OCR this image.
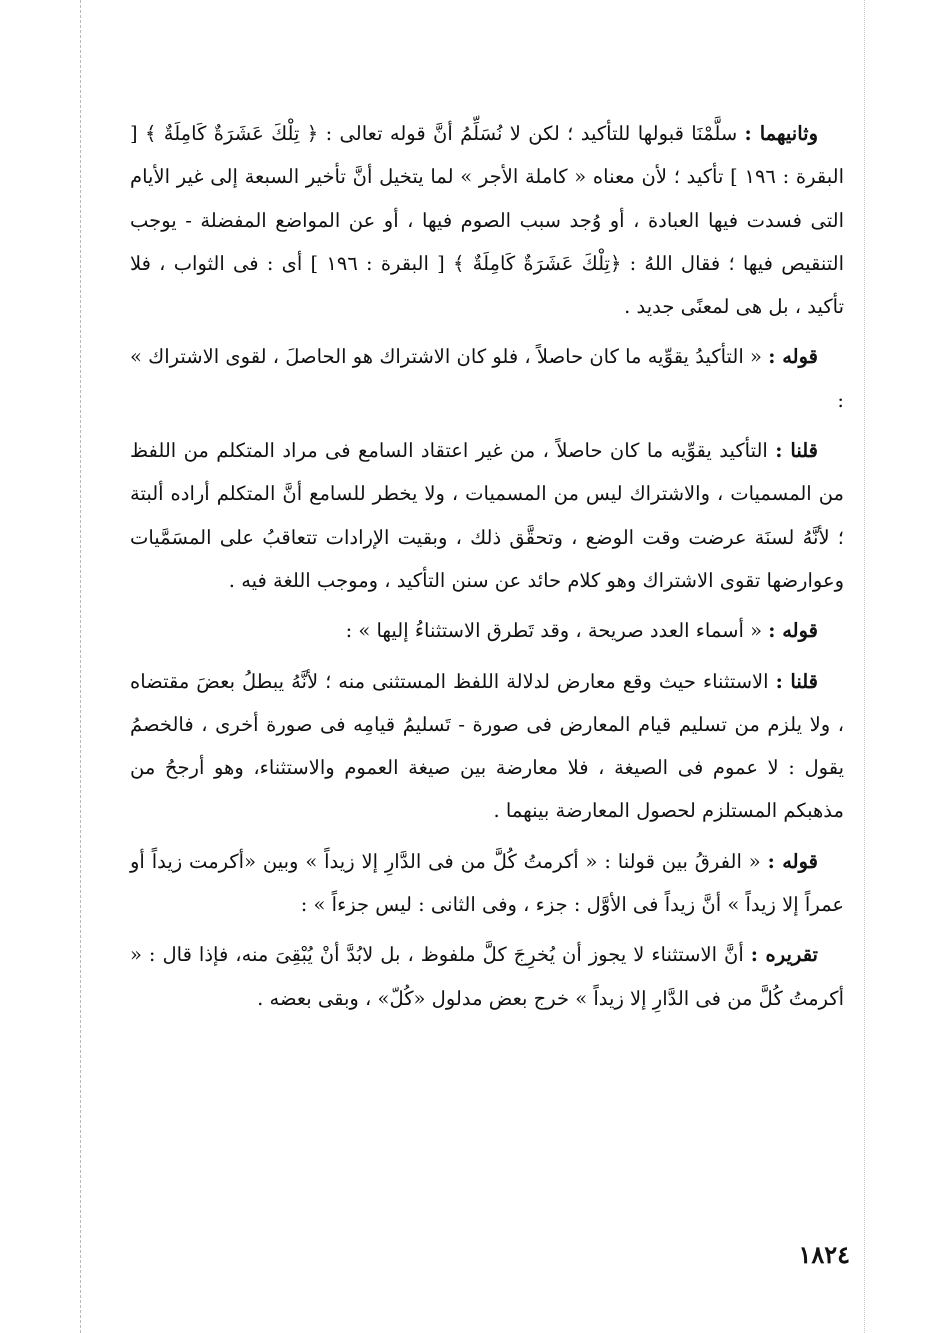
وثانيهما : سلَّمْنَا قبولها للتأكيد ؛ لكن لا نُسَلِّمُ أنَّ قوله تعالى : ﴿ تِلْكَ عَشَرَةٌ كَامِلَةٌ ﴾ [ البقرة : ١٩٦ ] تأكيد ؛ لأن معناه « كاملة الأجر » لما يتخيل أنَّ تأخير السبعة إلى غير الأيام التى فسدت فيها العبادة ، أو وُجد سبب الصوم فيها ، أو عن المواضع المفضلة - يوجب التنقيص فيها ؛ فقال اللهُ : ﴿تِلْكَ عَشَرَةٌ كَامِلَةٌ ﴾ [ البقرة : ١٩٦ ] أى : فى الثواب ، فلا تأكيد ، بل هى لمعنًى جديد .

قوله : « التأكيدُ يقوِّيه ما كان حاصلاً ، فلو كان الاشتراك هو الحاصلَ ، لقوى الاشتراك » :

قلنا : التأكيد يقوِّيه ما كان حاصلاً ، من غير اعتقاد السامع فى مراد المتكلم من اللفظ من المسميات ، والاشتراك ليس من المسميات ، ولا يخطر للسامع أنَّ المتكلم أراده ألبتة ؛ لأنَّهُ لسنَة عرضت وقت الوضع ، وتحقَّق ذلك ، وبقيت الإرادات تتعاقبُ على المسَمَّيات وعوارضها تقوى الاشتراك وهو كلام حائد عن سنن التأكيد ، وموجب اللغة فيه .

قوله : « أسماء العدد صريحة ، وقد تَطرق الاستثناءُ إليها » :

قلنا : الاستثناء حيث وقع معارض لدلالة اللفظ المستثنى منه ؛ لأنَّهُ يبطلُ بعضَ مقتضاه ، ولا يلزم من تسليم قيام المعارض فى صورة - تَسليمُ قيامِه فى صورة أخرى ، فالخصمُ يقول : لا عموم فى الصيغة ، فلا معارضة بين صيغة العموم والاستثناء، وهو أرجحُ من مذهبكم المستلزم لحصول المعارضة بينهما .

قوله : « الفرقُ بين قولنا : « أكرمتُ كُلَّ من فى الدَّارِ إلا زيداً » وبين «أكرمت زيداً أو عمراً إلا زيداً » أنَّ زيداً فى الأوَّل : جزء ، وفى الثانى : ليس جزءاً » :

تقريره : أنَّ الاستثناء لا يجوز أن يُخرِجَ كلَّ ملفوظ ، بل لابُدَّ أنْ يُبْقِىَ منه، فإذا قال : « أكرمتُ كُلَّ من فى الدَّارِ إلا زيداً » خرج بعض مدلول «كُلّ» ، وبقى بعضه .

١٨٢٤
